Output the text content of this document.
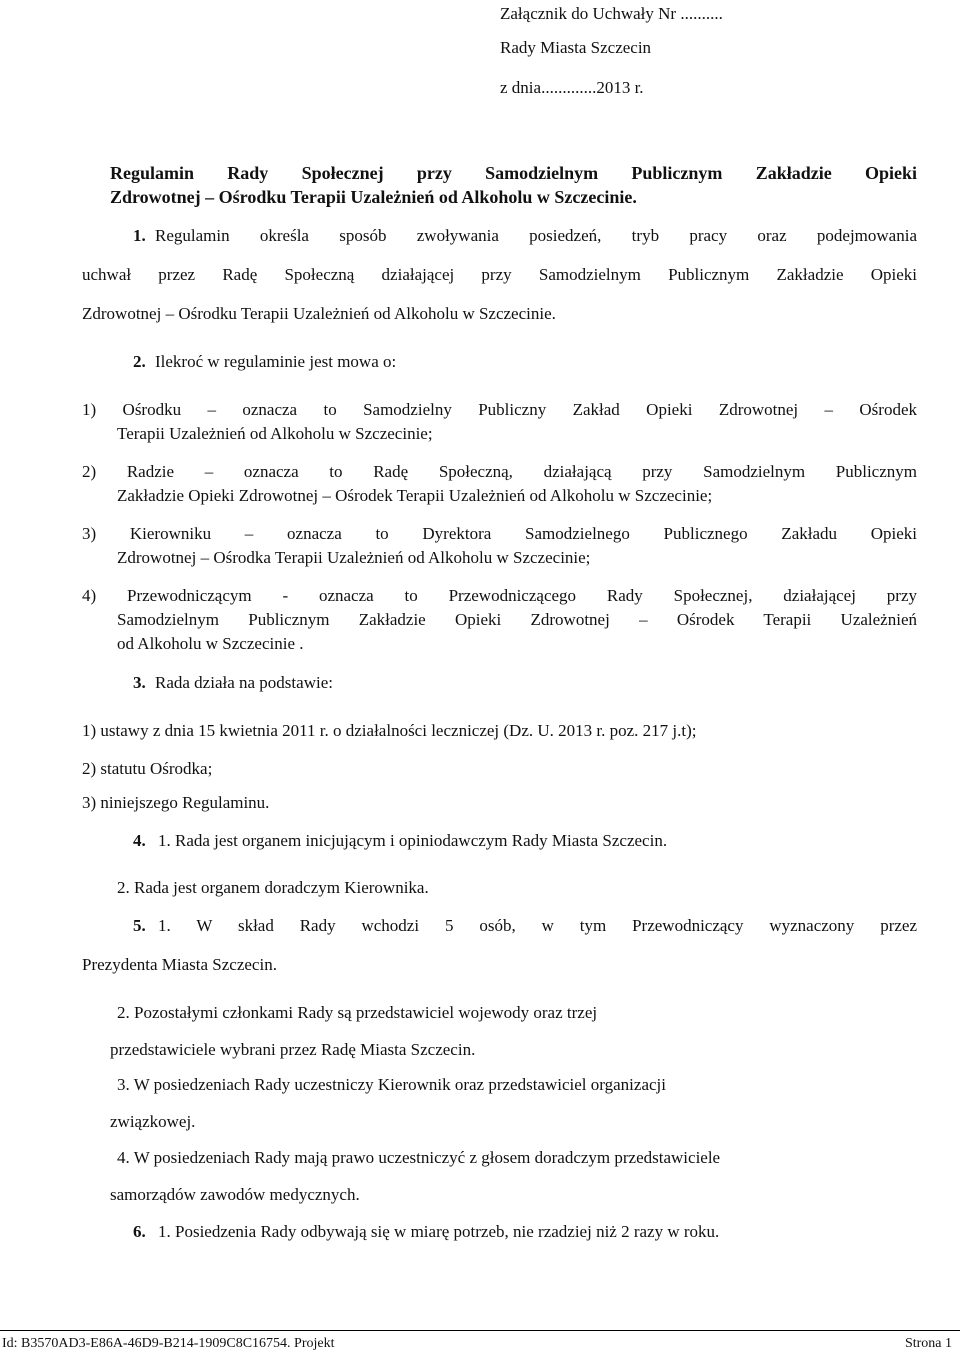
Załącznik do Uchwały Nr ..........
Rady Miasta Szczecin
z dnia.............2013 r.
Regulamin Rady Społecznej przy Samodzielnym Publicznym Zakładzie Opieki
Zdrowotnej – Ośrodku Terapii Uzależnień od Alkoholu w Szczecinie.
1. Regulamin określa sposób zwoływania posiedzeń, tryb pracy oraz podejmowania
uchwał przez Radę Społeczną działającej przy Samodzielnym Publicznym Zakładzie Opieki
Zdrowotnej – Ośrodku Terapii Uzależnień od Alkoholu w Szczecinie.
2. Ilekroć w regulaminie jest mowa o:
1) Ośrodku – oznacza to Samodzielny Publiczny Zakład Opieki Zdrowotnej – Ośrodek
Terapii Uzależnień od Alkoholu w Szczecinie;
2) Radzie – oznacza to Radę Społeczną, działającą przy Samodzielnym Publicznym
Zakładzie Opieki Zdrowotnej – Ośrodek Terapii Uzależnień od Alkoholu w Szczecinie;
3) Kierowniku – oznacza to Dyrektora Samodzielnego Publicznego Zakładu Opieki
Zdrowotnej – Ośrodka Terapii Uzależnień od Alkoholu w Szczecinie;
4) Przewodniczącym - oznacza to Przewodniczącego Rady Społecznej, działającej przy
Samodzielnym Publicznym Zakładzie Opieki Zdrowotnej – Ośrodek Terapii Uzależnień
od Alkoholu w Szczecinie .
3. Rada działa na podstawie:
1) ustawy z dnia 15 kwietnia 2011 r. o działalności leczniczej (Dz. U. 2013 r. poz. 217 j.t);
2) statutu Ośrodka;
3) niniejszego Regulaminu.
4. 1. Rada jest organem inicjującym i opiniodawczym Rady Miasta Szczecin.
2. Rada jest organem doradczym Kierownika.
5. 1. W skład Rady wchodzi 5 osób, w tym Przewodniczący wyznaczony przez
Prezydenta Miasta Szczecin.
2. Pozostałymi członkami Rady są przedstawiciel wojewody oraz trzej
przedstawiciele wybrani przez Radę Miasta Szczecin.
3. W posiedzeniach Rady uczestniczy Kierownik oraz przedstawiciel organizacji
związkowej.
4. W posiedzeniach Rady mają prawo uczestniczyć z głosem doradczym przedstawiciele
samorządów zawodów medycznych.
6. 1. Posiedzenia Rady odbywają się w miarę potrzeb, nie rzadziej niż 2 razy w roku.
Id: B3570AD3-E86A-46D9-B214-1909C8C16754. Projekt	Strona 1
